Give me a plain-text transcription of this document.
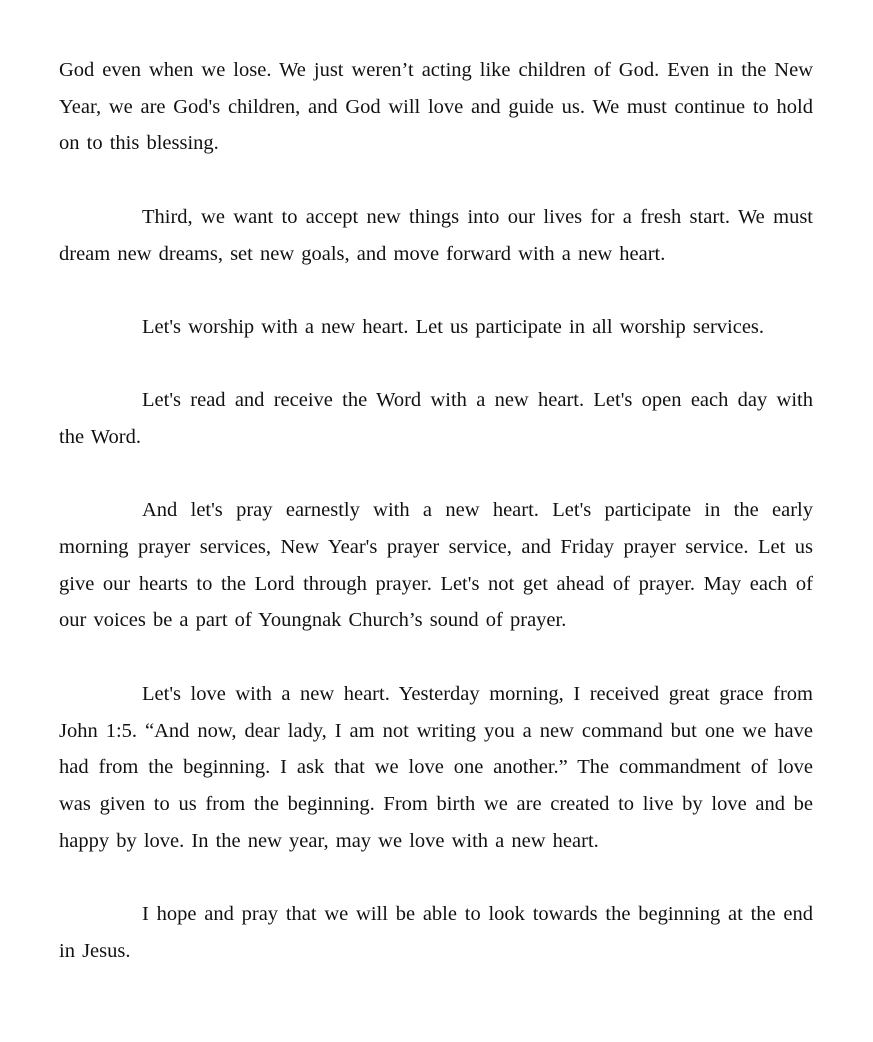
God even when we lose. We just weren’t acting like children of God. Even in the New Year, we are God's children, and God will love and guide us. We must continue to hold on to this blessing.

Third, we want to accept new things into our lives for a fresh start. We must dream new dreams, set new goals, and move forward with a new heart.

Let's worship with a new heart. Let us participate in all worship services.

Let's read and receive the Word with a new heart. Let's open each day with the Word.

And let's pray earnestly with a new heart. Let's participate in the early morning prayer services, New Year's prayer service, and Friday prayer service. Let us give our hearts to the Lord through prayer. Let's not get ahead of prayer. May each of our voices be a part of Youngnak Church’s sound of prayer.

Let's love with a new heart. Yesterday morning, I received great grace from John 1:5. “And now, dear lady, I am not writing you a new command but one we have had from the beginning. I ask that we love one another.” The commandment of love was given to us from the beginning. From birth we are created to live by love and be happy by love. In the new year, may we love with a new heart.

I hope and pray that we will be able to look towards the beginning at the end in Jesus.
